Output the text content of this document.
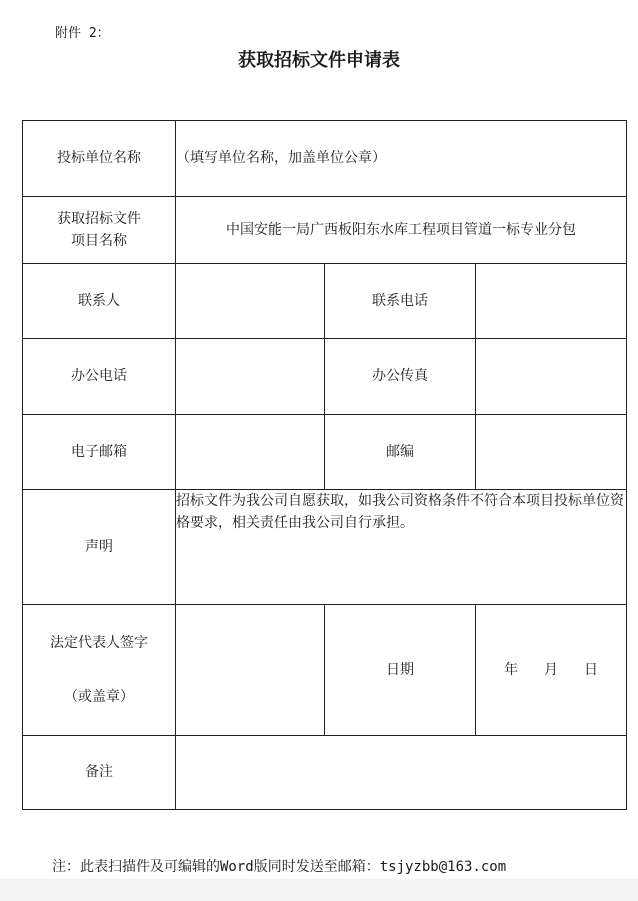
附件 2：
获取招标文件申请表
投标单位名称	（填写单位名称，加盖单位公章）		

获取招标文件
项目名称	中国安能一局广西板阳东水库工程项目管道一标专业分包		
联系人		联系电话	
办公电话		办公传真	
电子邮箱		邮编	
声明	招标文件为我公司自愿获取，如我公司资格条件不符合本项目投标单位资格要求，相关责任由我公司自行承担。		

法定代表人签字
（或盖章）		日期	年 月 日
备注			
注：此表扫描件及可编辑的Word版同时发送至邮箱：tsjyzbb@163.com
